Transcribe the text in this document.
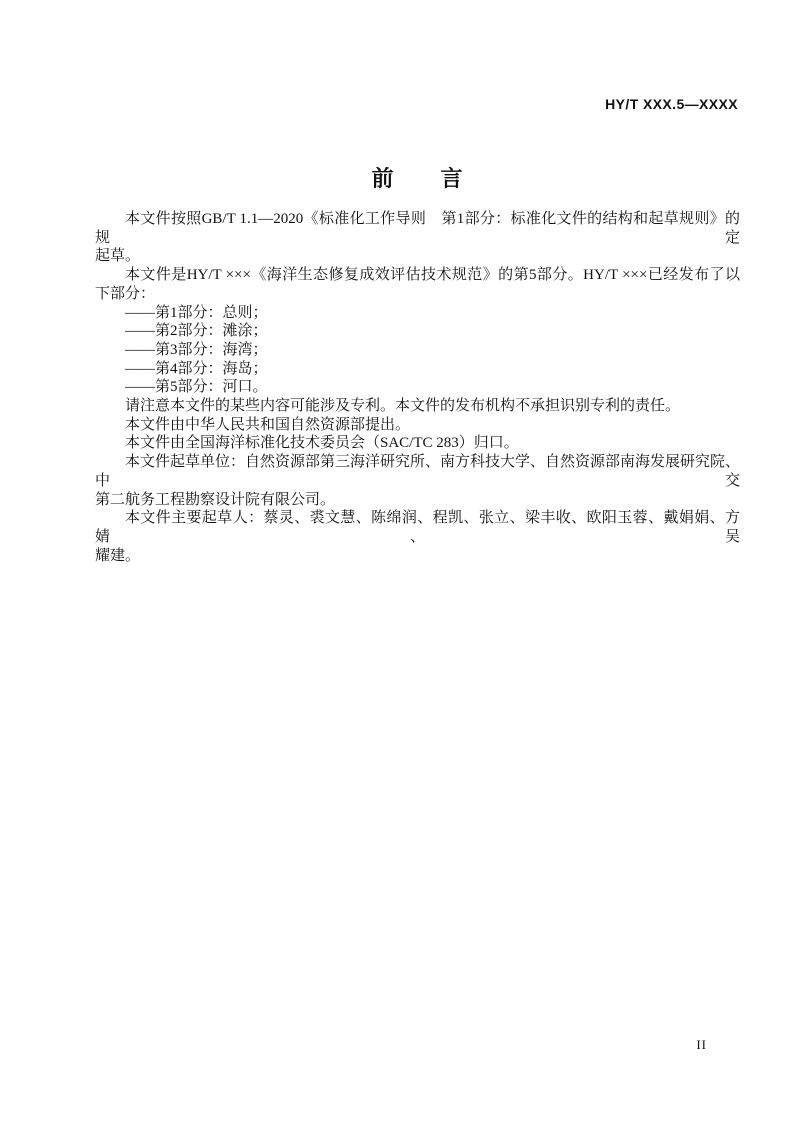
HY/T XXX.5—XXXX
前　　言
本文件按照GB/T 1.1—2020《标准化工作导则　第1部分：标准化文件的结构和起草规则》的规定
起草。
本文件是HY/T ×××《海洋生态修复成效评估技术规范》的第5部分。HY/T ×××已经发布了以
下部分：
——第1部分：总则；
——第2部分：滩涂；
——第3部分：海湾；
——第4部分：海岛；
——第5部分：河口。
请注意本文件的某些内容可能涉及专利。本文件的发布机构不承担识别专利的责任。
本文件由中华人民共和国自然资源部提出。
本文件由全国海洋标准化技术委员会（SAC/TC 283）归口。
本文件起草单位：自然资源部第三海洋研究所、南方科技大学、自然资源部南海发展研究院、中交
第二航务工程勘察设计院有限公司。
本文件主要起草人：蔡灵、裘文慧、陈绵润、程凯、张立、梁丰收、欧阳玉蓉、戴娟娟、方婧、吴
耀建。
II
